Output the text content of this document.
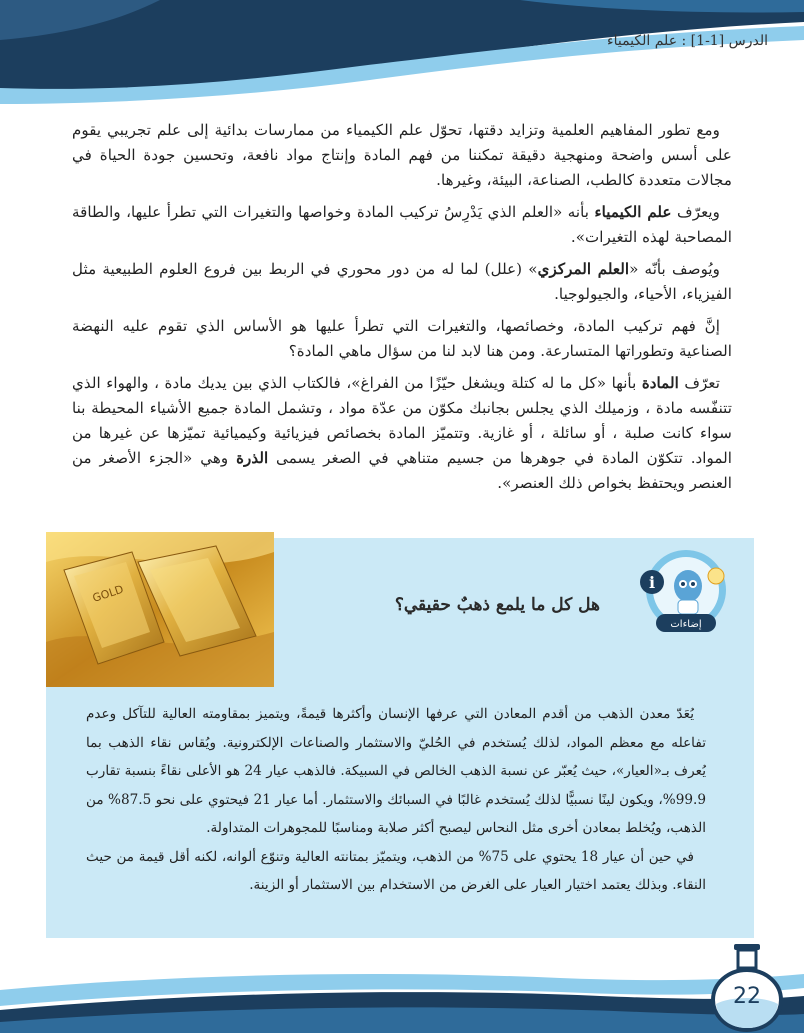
الدرس [1-1] : علم الكيمياء

ومع تطور المفاهيم العلمية وتزايد دقتها، تحوّل علم الكيمياء من ممارسات بدائية إلى علم تجريبي يقوم على أسس واضحة ومنهجية دقيقة تمكننا من فهم المادة وإنتاج مواد نافعة، وتحسين جودة الحياة في مجالات متعددة كالطب، الصناعة، البيئة، وغيرها.

ويعرّف علم الكيمياء بأنه «العلم الذي يَدْرِسُ تركيب المادة وخواصها والتغيرات التي تطرأ عليها، والطاقة المصاحبة لهذه التغيرات».

ويُوصف بأنّه «العلم المركزي» (علل) لما له من دور محوري في الربط بين فروع العلوم الطبيعية مثل الفيزياء، الأحياء، والجيولوجيا.

إنَّ فهم تركيب المادة، وخصائصها، والتغيرات التي تطرأ عليها هو الأساس الذي تقوم عليه النهضة الصناعية وتطوراتها المتسارعة. ومن هنا لابد لنا من سؤال ماهي المادة؟

تعرّف المادة بأنها «كل ما له كتلة ويشغل حيّزًا من الفراغ»، فالكتاب الذي بين يديك مادة ، والهواء الذي تتنفّسه مادة ، وزميلك الذي يجلس بجانبك مكوّن من عدّة مواد ، وتشمل المادة جميع الأشياء المحيطة بنا سواء كانت صلبة ، أو سائلة ، أو غازية. وتتميّز المادة بخصائص فيزيائية وكيميائية تميّزها عن غيرها من المواد. تتكوّن المادة في جوهرها من جسيم متناهي في الصغر يسمى الذرة وهي «الجزء الأصغر من العنصر ويحتفظ بخواص ذلك العنصر».

GOLD
i
إضاءات
هل كل ما يلمع ذهبٌ حقيقي؟

يُعَدّ معدن الذهب من أقدم المعادن التي عرفها الإنسان وأكثرها قيمةً، ويتميز بمقاومته العالية للتآكل وعدم تفاعله مع معظم المواد، لذلك يُستخدم في الحُليّ والاستثمار والصناعات الإلكترونية. ويُقاس نقاء الذهب بما يُعرف بـ«العيار»، حيث يُعبّر عن نسبة الذهب الخالص في السبيكة. فالذهب عيار 24 هو الأعلى نقاءً بنسبة تقارب 99.9%، ويكون لينًا نسبيًّا لذلك يُستخدم غالبًا في السبائك والاستثمار. أما عيار 21 فيحتوي على نحو 87.5% من الذهب، ويُخلط بمعادن أخرى مثل النحاس ليصبح أكثر صلابة ومناسبًا للمجوهرات المتداولة.

في حين أن عيار 18 يحتوي على 75% من الذهب، ويتميّز بمتانته العالية وتنوّع ألوانه، لكنه أقل قيمة من حيث النقاء. وبذلك يعتمد اختيار العيار على الغرض من الاستخدام بين الاستثمار أو الزينة.

22
